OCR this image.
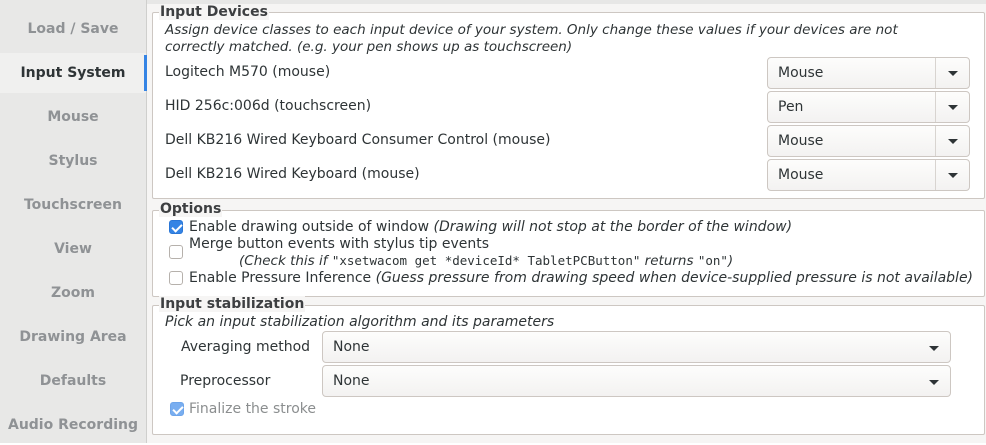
Load / Save
Input System
Mouse
Stylus
Touchscreen
View
Zoom
Drawing Area
Defaults
Audio Recording
Input Devices
Assign device classes to each input device of your system. Only change these values if your devices are not correctly matched. (e.g. your pen shows up as touchscreen)
Logitech M570 (mouse)	Mouse
HID 256c:006d (touchscreen)	Pen
Dell KB216 Wired Keyboard Consumer Control (mouse)	Mouse
Dell KB216 Wired Keyboard (mouse)	Mouse
Options
Enable drawing outside of window (Drawing will not stop at the border of the window)
Merge button events with stylus tip events
(Check this if "xsetwacom get *deviceId* TabletPCButton" returns "on")
Enable Pressure Inference (Guess pressure from drawing speed when device-supplied pressure is not available)
Input stabilization
Pick an input stabilization algorithm and its parameters
Averaging method None
Preprocessor	None
Finalize the stroke
